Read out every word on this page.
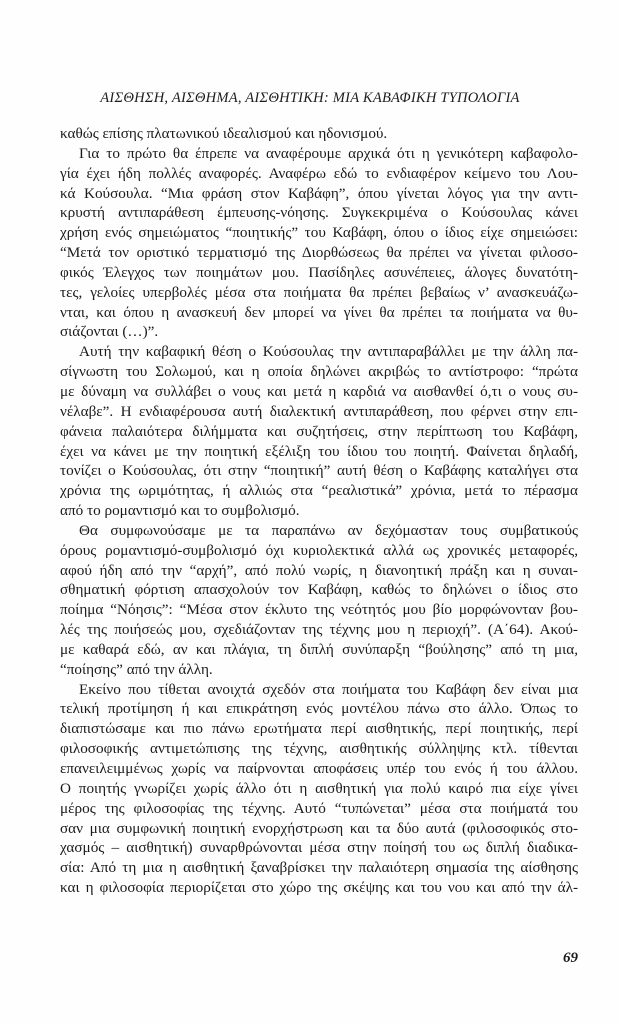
ΑΙΣΘΗΣΗ, ΑΙΣΘΗΜΑ, ΑΙΣΘΗΤΙΚΗ: ΜΙΑ ΚΑΒΑΦΙΚΗ ΤΥΠΟΛΟΓΙΑ
καθώς επίσης πλατωνικού ιδεαλισμού και ηδονισμού.
Για το πρώτο θα έπρεπε να αναφέρουμε αρχικά ότι η γενικότερη καβαφολο-
γία έχει ήδη πολλές αναφορές. Αναφέρω εδώ το ενδιαφέρον κείμενο του Λου-
κά Κούσουλα. “Μια φράση στον Καβάφη”, όπου γίνεται λόγος για την αντι-
κρυστή αντιπαράθεση έμπευσης-νόησης. Συγκεκριμένα ο Κούσουλας κάνει
χρήση ενός σημειώματος “ποιητικής” του Καβάφη, όπου ο ίδιος είχε σημειώσει:
“Μετά τον οριστικό τερματισμό της Διορθώσεως θα πρέπει να γίνεται φιλοσο-
φικός Έλεγχος των ποιημάτων μου. Πασίδηλες ασυνέπειες, άλογες δυνατότη-
τες, γελοίες υπερβολές μέσα στα ποιήματα θα πρέπει βεβαίως ν’ ανασκευάζω-
νται, και όπου η ανασκευή δεν μπορεί να γίνει θα πρέπει τα ποιήματα να θυ-
σιάζονται (…)”.
Αυτή την καβαφική θέση ο Κούσουλας την αντιπαραβάλλει με την άλλη πα-
σίγνωστη του Σολωμού, και η οποία δηλώνει ακριβώς το αντίστροφο: “πρώτα
με δύναμη να συλλάβει ο νους και μετά η καρδιά να αισθανθεί ό,τι ο νους συ-
νέλαβε”. Η ενδιαφέρουσα αυτή διαλεκτική αντιπαράθεση, που φέρνει στην επι-
φάνεια παλαιότερα διλήμματα και συζητήσεις, στην περίπτωση του Καβάφη,
έχει να κάνει με την ποιητική εξέλιξη του ίδιου του ποιητή. Φαίνεται δηλαδή,
τονίζει ο Κούσουλας, ότι στην “ποιητική” αυτή θέση ο Καβάφης καταλήγει στα
χρόνια της ωριμότητας, ή αλλιώς στα “ρεαλιστικά” χρόνια, μετά το πέρασμα
από το ρομαντισμό και το συμβολισμό.
Θα συμφωνούσαμε με τα παραπάνω αν δεχόμασταν τους συμβατικούς
όρους ρομαντισμό-συμβολισμό όχι κυριολεκτικά αλλά ως χρονικές μεταφορές,
αφού ήδη από την “αρχή”, από πολύ νωρίς, η διανοητική πράξη και η συναι-
σθηματική φόρτιση απασχολούν τον Καβάφη, καθώς το δηλώνει ο ίδιος στο
ποίημα “Νόησις”: “Μέσα στον έκλυτο της νεότητός μου βίο μορφώνονταν βου-
λές της ποιήσεώς μου, σχεδιάζονταν της τέχνης μου η περιοχή”. (Α΄64). Ακού-
με καθαρά εδώ, αν και πλάγια, τη διπλή συνύπαρξη “βούλησης” από τη μια,
“ποίησης” από την άλλη.
Εκείνο που τίθεται ανοιχτά σχεδόν στα ποιήματα του Καβάφη δεν είναι μια
τελική προτίμηση ή και επικράτηση ενός μοντέλου πάνω στο άλλο. Όπως το
διαπιστώσαμε και πιο πάνω ερωτήματα περί αισθητικής, περί ποιητικής, περί
φιλοσοφικής αντιμετώπισης της τέχνης, αισθητικής σύλληψης κτλ. τίθενται
επανειλειμμένως χωρίς να παίρνονται αποφάσεις υπέρ του ενός ή του άλλου.
Ο ποιητής γνωρίζει χωρίς άλλο ότι η αισθητική για πολύ καιρό πια είχε γίνει
μέρος της φιλοσοφίας της τέχνης. Αυτό “τυπώνεται” μέσα στα ποιήματά του
σαν μια συμφωνική ποιητική ενορχήστρωση και τα δύο αυτά (φιλοσοφικός στο-
χασμός – αισθητική) συναρθρώνονται μέσα στην ποίησή του ως διπλή διαδικα-
σία: Από τη μια η αισθητική ξαναβρίσκει την παλαιότερη σημασία της αίσθησης
και η φιλοσοφία περιορίζεται στο χώρο της σκέψης και του νου και από την άλ-
69
